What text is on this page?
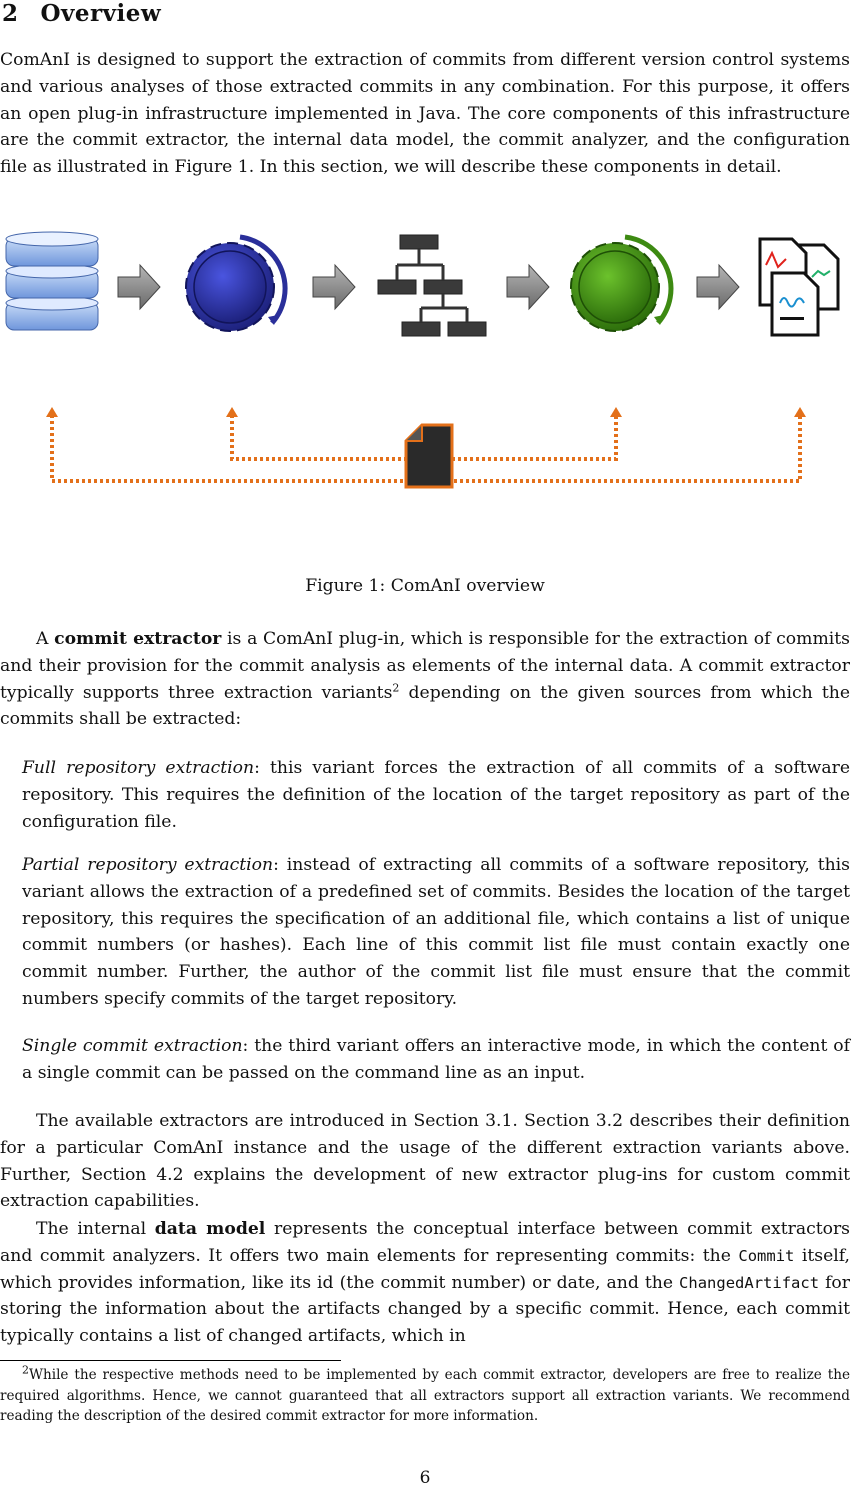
2 Overview

ComAnI is designed to support the extraction of commits from different version control systems and various analyses of those extracted commits in any combination. For this purpose, it offers an open plug-in infrastructure implemented in Java. The core components of this infrastructure are the commit extractor, the internal data model, the commit analyzer, and the configuration file as illustrated in Figure 1. In this section, we will describe these components in detail.

Figure 1: ComAnI overview

A commit extractor is a ComAnI plug-in, which is responsible for the extraction of commits and their provision for the commit analysis as elements of the internal data. A commit extractor typically supports three extraction variants$^2$ depending on the given sources from which the commits shall be extracted:

Full repository extraction: this variant forces the extraction of all commits of a software repository. This requires the definition of the location of the target repository as part of the configuration file.

Partial repository extraction: instead of extracting all commits of a software repository, this variant allows the extraction of a predefined set of commits. Besides the location of the target repository, this requires the specification of an additional file, which contains a list of unique commit numbers (or hashes). Each line of this commit list file must contain exactly one commit number. Further, the author of the commit list file must ensure that the commit numbers specify commits of the target repository.

Single commit extraction: the third variant offers an interactive mode, in which the content of a single commit can be passed on the command line as an input.

The available extractors are introduced in Section 3.1. Section 3.2 describes their definition for a particular ComAnI instance and the usage of the different extraction variants above. Further, Section 4.2 explains the development of new extractor plug-ins for custom commit extraction capabilities.

The internal data model represents the conceptual interface between commit extractors and commit analyzers. It offers two main elements for representing commits: the Commit itself, which provides information, like its id (the commit number) or date, and the ChangedArtifact for storing the information about the artifacts changed by a specific commit. Hence, each commit typically contains a list of changed artifacts, which in

$^2$While the respective methods need to be implemented by each commit extractor, developers are free to realize the required algorithms. Hence, we cannot guaranteed that all extractors support all extraction variants. We recommend reading the description of the desired commit extractor for more information.

6
